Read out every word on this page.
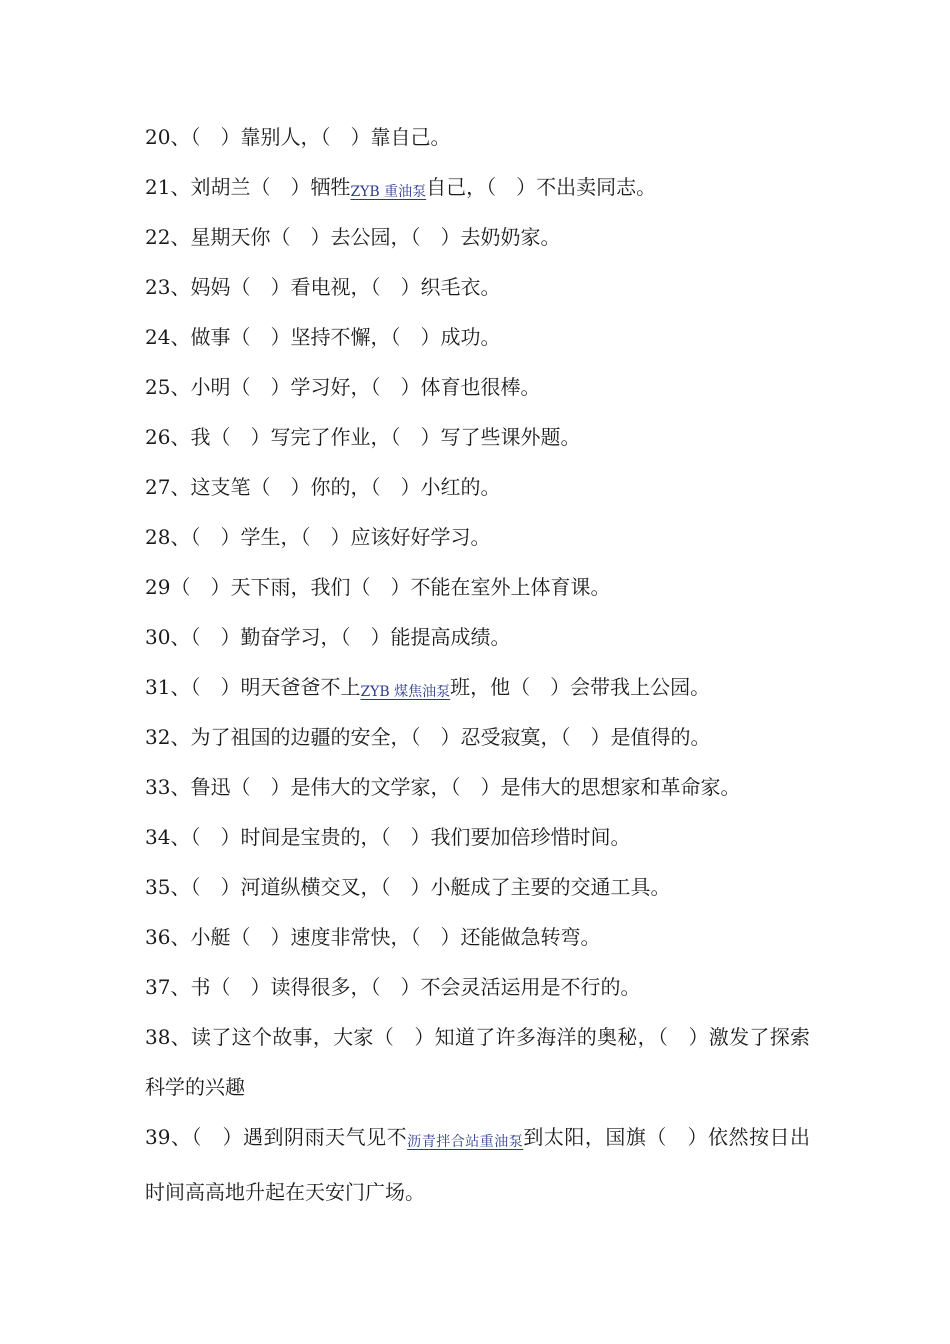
20、（　）靠别人，（　）靠自己。
21、刘胡兰（　）牺牲ZYB 重油泵自己，（　）不出卖同志。
22、星期天你（　）去公园，（　）去奶奶家。
23、妈妈（　）看电视，（　）织毛衣。
24、做事（　）坚持不懈，（　）成功。
25、小明（　）学习好，（　）体育也很棒。
26、我（　）写完了作业，（　）写了些课外题。
27、这支笔（　）你的，（　）小红的。
28、（　）学生，（　）应该好好学习。
29（　）天下雨，我们（　）不能在室外上体育课。
30、（　）勤奋学习，（　）能提高成绩。
31、（　）明天爸爸不上ZYB 煤焦油泵班，他（　）会带我上公园。
32、为了祖国的边疆的安全，（　）忍受寂寞，（　）是值得的。
33、鲁迅（　）是伟大的文学家，（　）是伟大的思想家和革命家。
34、（　）时间是宝贵的，（　）我们要加倍珍惜时间。
35、（　）河道纵横交叉，（　）小艇成了主要的交通工具。
36、小艇（　）速度非常快，（　）还能做急转弯。
37、书（　）读得很多，（　）不会灵活运用是不行的。
38、读了这个故事，大家（　）知道了许多海洋的奥秘，（　）激发了探索科学的兴趣
39、（　）遇到阴雨天气见不沥青拌合站重油泵到太阳，国旗（　）依然按日出时间高高地升起在天安门广场。
